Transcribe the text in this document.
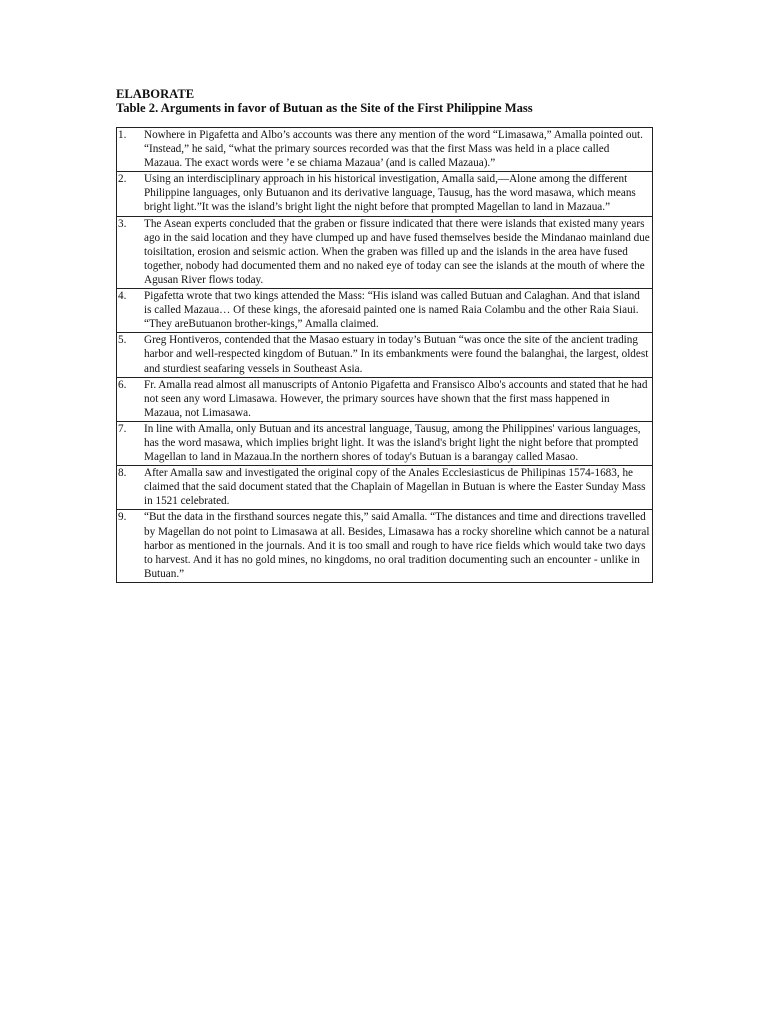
ELABORATE
Table 2. Arguments in favor of Butuan as the Site of the First Philippine Mass
1.	Nowhere in Pigafetta and Albo’s accounts was there any mention of the word “Limasawa,” Amalla pointed out. “Instead,” he said, “what the primary sources recorded was that the first Mass was held in a place called Mazaua. The exact words were ’e se chiama Mazaua’ (and is called Mazaua).”
2.	Using an interdisciplinary approach in his historical investigation, Amalla said,—Alone among the different Philippine languages, only Butuanon and its derivative language, Tausug, has the word masawa, which means bright light.”It was the island’s bright light the night before that prompted Magellan to land in Mazaua.”
3.	The Asean experts concluded that the graben or fissure indicated that there were islands that existed many years ago in the said location and they have clumped up and have fused themselves beside the Mindanao mainland due toisiltation, erosion and seismic action. When the graben was filled up and the islands in the area have fused together, nobody had documented them and no naked eye of today can see the islands at the mouth of where the Agusan River flows today.
4.	Pigafetta wrote that two kings attended the Mass: “His island was called Butuan and Calaghan. And that island is called Mazaua… Of these kings, the aforesaid painted one is named Raia Colambu and the other Raia Siaui. “They areButuanon brother-kings,” Amalla claimed.
5.	Greg Hontiveros, contended that the Masao estuary in today’s Butuan “was once the site of the ancient trading harbor and well-respected kingdom of Butuan.” In its embankments were found the balanghai, the largest, oldest and sturdiest seafaring vessels in Southeast Asia.
6.	Fr. Amalla read almost all manuscripts of Antonio Pigafetta and Fransisco Albo's accounts and stated that he had not seen any word Limasawa. However, the primary sources have shown that the first mass happened in Mazaua, not Limasawa.
7.	In line with Amalla, only Butuan and its ancestral language, Tausug, among the Philippines' various languages, has the word masawa, which implies bright light. It was the island's bright light the night before that prompted Magellan to land in Mazaua.In the northern shores of today's Butuan is a barangay called Masao.
8.	After Amalla saw and investigated the original copy of the Anales Ecclesiasticus de Philipinas 1574-1683, he claimed that the said document stated that the Chaplain of Magellan in Butuan is where the Easter Sunday Mass in 1521 celebrated.
9.	“But the data in the firsthand sources negate this,” said Amalla. “The distances and time and directions travelled by Magellan do not point to Limasawa at all. Besides, Limasawa has a rocky shoreline which cannot be a natural harbor as mentioned in the journals. And it is too small and rough to have rice fields which would take two days to harvest. And it has no gold mines, no kingdoms, no oral tradition documenting such an encounter - unlike in Butuan.”
